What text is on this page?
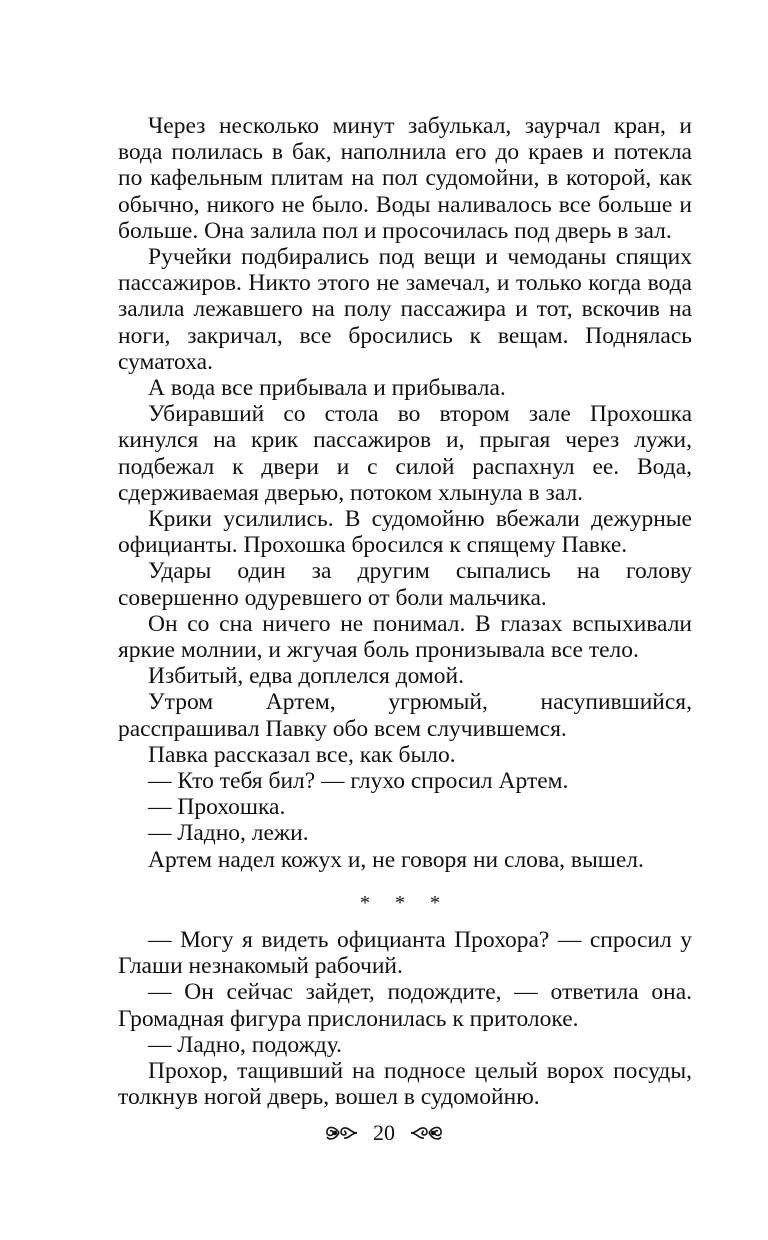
Через несколько минут забулькал, заурчал кран, и вода полилась в бак, наполнила его до краев и потекла по кафельным плитам на пол судомойни, в которой, как обычно, никого не было. Воды наливалось все больше и больше. Она залила пол и просочилась под дверь в зал.

Ручейки подбирались под вещи и чемоданы спящих пассажиров. Никто этого не замечал, и только когда вода залила лежавшего на полу пассажира и тот, вскочив на ноги, закричал, все бросились к вещам. Поднялась суматоха.

А вода все прибывала и прибывала.

Убиравший со стола во втором зале Прохошка кинулся на крик пассажиров и, прыгая через лужи, подбежал к двери и с силой распахнул ее. Вода, сдерживаемая дверью, потоком хлынула в зал.

Крики усилились. В судомойню вбежали дежурные официанты. Прохошка бросился к спящему Павке.

Удары один за другим сыпались на голову совершенно одуревшего от боли мальчика.

Он со сна ничего не понимал. В глазах вспыхивали яркие молнии, и жгучая боль пронизывала все тело.

Избитый, едва доплелся домой.

Утром Артем, угрюмый, насупившийся, расспрашивал Павку обо всем случившемся.

Павка рассказал все, как было.

— Кто тебя бил? — глухо спросил Артем.

— Прохошка.

— Ладно, лежи.

Артем надел кожух и, не говоря ни слова, вышел.

* * *

— Могу я видеть официанта Прохора? — спросил у Глаши незнакомый рабочий.

— Он сейчас зайдет, подождите, — ответила она. Громадная фигура прислонилась к притолоке.

— Ладно, подожду.

Прохор, тащивший на подносе целый ворох посуды, толкнув ногой дверь, вошел в судомойню.

20
